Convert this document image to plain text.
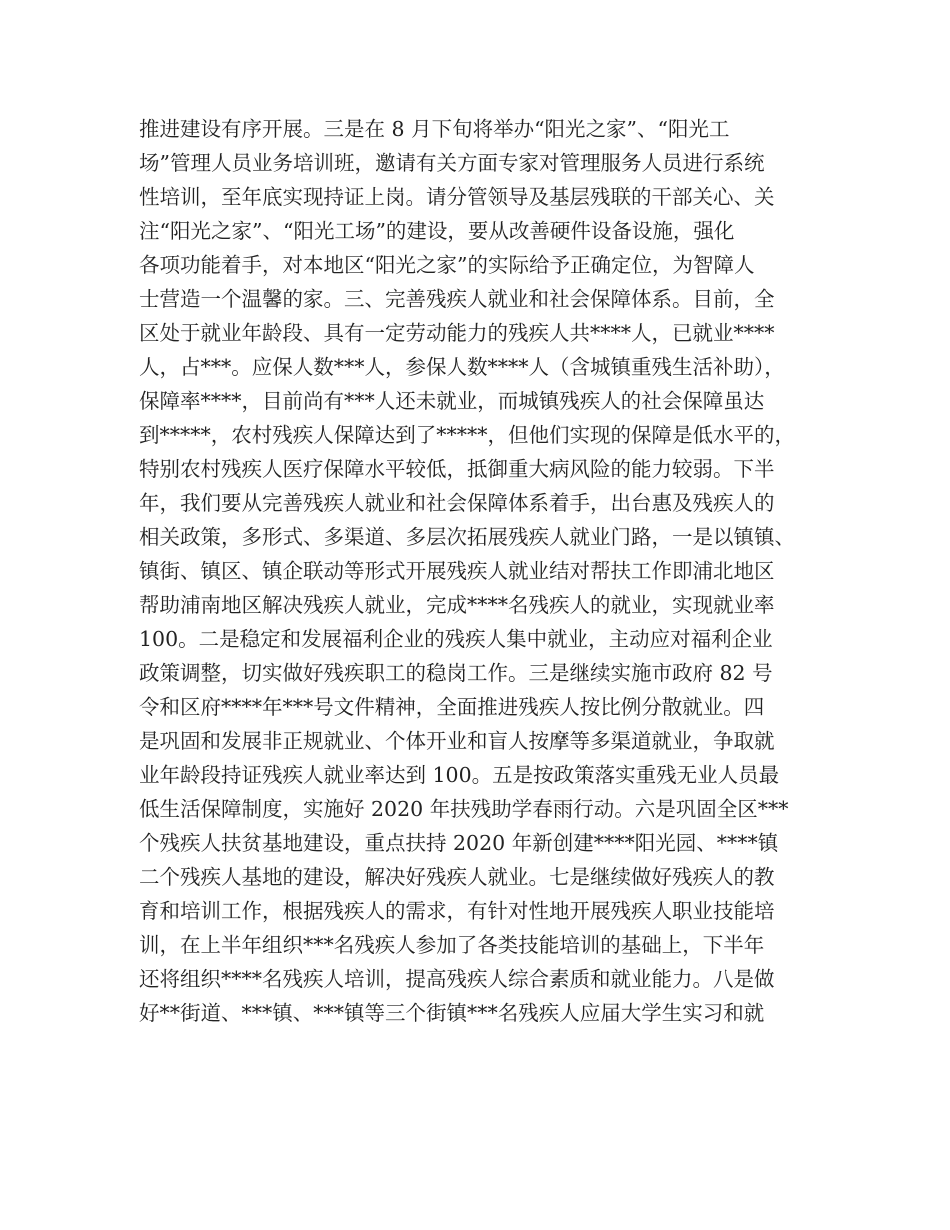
推进建设有序开展。三是在 8 月下旬将举办“阳光之家”、“阳光工
场”管理人员业务培训班，邀请有关方面专家对管理服务人员进行系统
性培训，至年底实现持证上岗。请分管领导及基层残联的干部关心、关
注“阳光之家”、“阳光工场”的建设，要从改善硬件设备设施，强化
各项功能着手，对本地区“阳光之家”的实际给予正确定位，为智障人
士营造一个温馨的家。三、完善残疾人就业和社会保障体系。目前，全
区处于就业年龄段、具有一定劳动能力的残疾人共****人，已就业****
人，占***。应保人数***人，参保人数****人（含城镇重残生活补助），
保障率****，目前尚有***人还未就业，而城镇残疾人的社会保障虽达
到*****，农村残疾人保障达到了*****，但他们实现的保障是低水平的，
特别农村残疾人医疗保障水平较低，抵御重大病风险的能力较弱。下半
年，我们要从完善残疾人就业和社会保障体系着手，出台惠及残疾人的
相关政策，多形式、多渠道、多层次拓展残疾人就业门路，一是以镇镇、
镇街、镇区、镇企联动等形式开展残疾人就业结对帮扶工作即浦北地区
帮助浦南地区解决残疾人就业，完成****名残疾人的就业，实现就业率
100。二是稳定和发展福利企业的残疾人集中就业，主动应对福利企业
政策调整，切实做好残疾职工的稳岗工作。三是继续实施市政府 82 号
令和区府****年***号文件精神，全面推进残疾人按比例分散就业。四
是巩固和发展非正规就业、个体开业和盲人按摩等多渠道就业，争取就
业年龄段持证残疾人就业率达到 100。五是按政策落实重残无业人员最
低生活保障制度，实施好 2020 年扶残助学春雨行动。六是巩固全区***
个残疾人扶贫基地建设，重点扶持 2020 年新创建****阳光园、****镇
二个残疾人基地的建设，解决好残疾人就业。七是继续做好残疾人的教
育和培训工作，根据残疾人的需求，有针对性地开展残疾人职业技能培
训，在上半年组织***名残疾人参加了各类技能培训的基础上，下半年
还将组织****名残疾人培训，提高残疾人综合素质和就业能力。八是做
好**街道、***镇、***镇等三个街镇***名残疾人应届大学生实习和就
